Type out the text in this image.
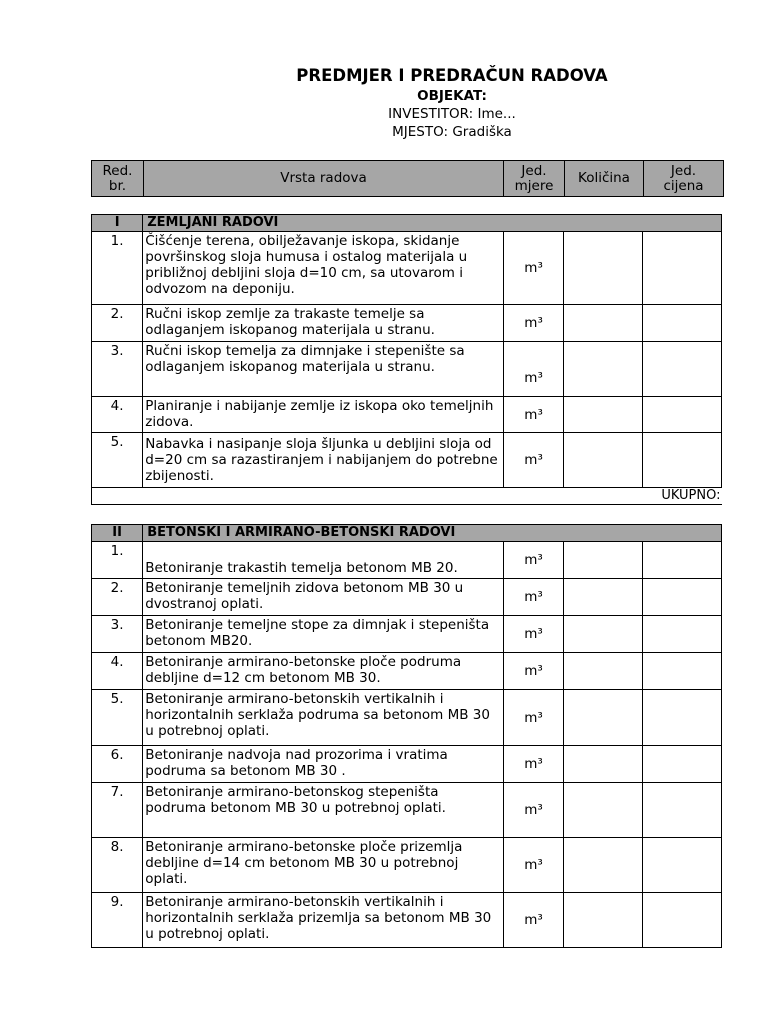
PREDMJER I PREDRAČUN RADOVA
OBJEKAT:
INVESTITOR: Ime...
MJESTO: Gradiška
Red. br.	Vrsta radova	Jed. mjere	Količina	Jed. cijena
I	ZEMLJANI RADOVI			
1.	Čišćenje terena, obilježavanje iskopa, skidanje površinskog sloja humusa i ostalog materijala u približnoj debljini sloja d=10 cm, sa utovarom i odvozom na deponiju.	m³		
2.	Ručni iskop zemlje za trakaste temelje sa odlaganjem iskopanog materijala u stranu.	m³		
3.	Ručni iskop temelja za dimnjake i stepenište sa odlaganjem iskopanog materijala u stranu.	m³		
4.	Planiranje i nabijanje zemlje iz iskopa oko temeljnih zidova.	m³		
5.	Nabavka i nasipanje sloja šljunka u debljini sloja od d=20 cm sa razastiranjem i nabijanjem do potrebne zbijenosti.	m³		
UKUPNO:				
II	BETONSKI I ARMIRANO-BETONSKI RADOVI			
1.	Betoniranje trakastih temelja betonom MB 20.	m³		
2.	Betoniranje temeljnih zidova betonom MB 30 u dvostranoj oplati.	m³		
3.	Betoniranje temeljne stope za dimnjak i stepeništa betonom MB20.	m³		
4.	Betoniranje armirano-betonske ploče podruma debljine d=12 cm betonom MB 30.	m³		
5.	Betoniranje armirano-betonskih vertikalnih i horizontalnih serklaža podruma sa betonom MB 30 u potrebnoj oplati.	m³		
6.	Betoniranje nadvoja nad prozorima i vratima podruma sa betonom MB 30 .	m³		
7.	Betoniranje armirano-betonskog stepeništa podruma betonom MB 30 u potrebnoj oplati.	m³		
8.	Betoniranje armirano-betonske ploče prizemlja debljine d=14 cm betonom MB 30 u potrebnoj oplati.	m³		
9.	Betoniranje armirano-betonskih vertikalnih i horizontalnih serklaža prizemlja sa betonom MB 30 u potrebnoj oplati.	m³		
